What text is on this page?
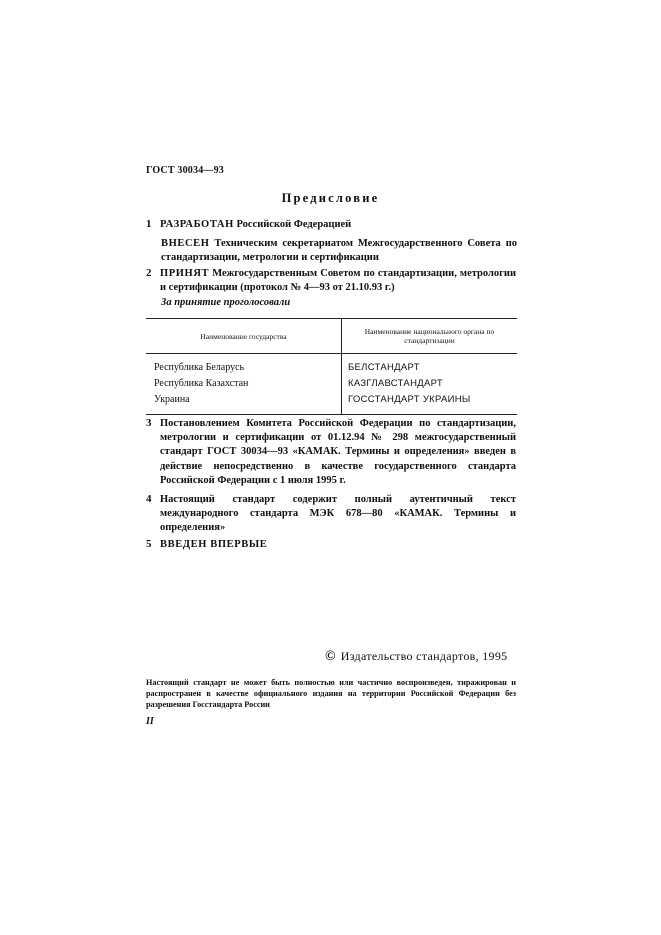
ГОСТ 30034—93
Предисловие
1 РАЗРАБОТАН Российской Федерацией
ВНЕСЕН Техническим секретариатом Межгосударственного Совета по стандартизации, метрологии и сертификации
2 ПРИНЯТ Межгосударственным Советом по стандартизации, метрологии и сертификации (протокол № 4—93 от 21.10.93 г.)
За принятие проголосовали
Наименование государства	Наименование национального органа по стандартизации
Республика Беларусь	БЕЛСТАНДАРТ
Республика Казахстан	КАЗГЛАВСТАНДАРТ
Украина	ГОССТАНДАРТ УКРАИНЫ
3 Постановлением Комитета Российской Федерации по стандартизации, метрологии и сертификации от 01.12.94 № 298 межгосударственный стандарт ГОСТ 30034—93 «КАМАК. Термины и определения» введен в действие непосредственно в качестве государственного стандарта Российской Федерации с 1 июля 1995 г.
4 Настоящий стандарт содержит полный аутентичный текст международного стандарта МЭК 678—80 «КАМАК. Термины и определения»
5 ВВЕДЕН ВПЕРВЫЕ
© Издательство стандартов, 1995
Настоящий стандарт не может быть полностью или частично воспроизведен, тиражирован и распространен в качестве официального издания на территории Российской Федерации без разрешения Госстандарта России
II
